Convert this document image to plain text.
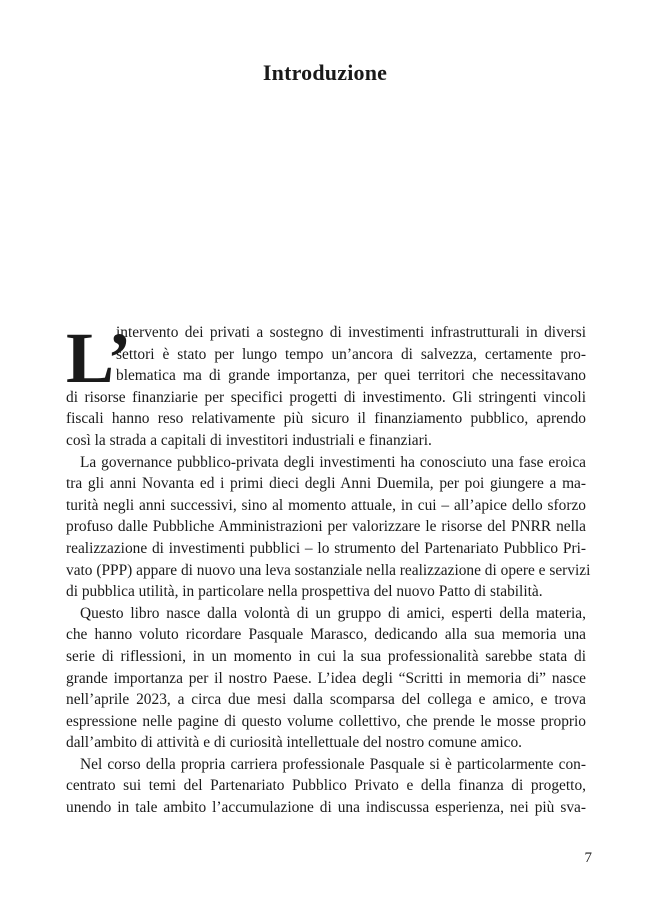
Introduzione
L’
intervento dei privati a sostegno di investimenti infrastrutturali in diversi
settori è stato per lungo tempo un’ancora di salvezza, certamente pro-
blematica ma di grande importanza, per quei territori che necessitavano
di risorse finanziarie per specifici progetti di investimento. Gli stringenti vincoli
fiscali hanno reso relativamente più sicuro il finanziamento pubblico, aprendo
così la strada a capitali di investitori industriali e finanziari.
La governance pubblico-privata degli investimenti ha conosciuto una fase eroica
tra gli anni Novanta ed i primi dieci degli Anni Duemila, per poi giungere a ma-
turità negli anni successivi, sino al momento attuale, in cui – all’apice dello sforzo
profuso dalle Pubbliche Amministrazioni per valorizzare le risorse del PNRR nella
realizzazione di investimenti pubblici – lo strumento del Partenariato Pubblico Pri-
vato (PPP) appare di nuovo una leva sostanziale nella realizzazione di opere e servizi
di pubblica utilità, in particolare nella prospettiva del nuovo Patto di stabilità.
Questo libro nasce dalla volontà di un gruppo di amici, esperti della materia,
che hanno voluto ricordare Pasquale Marasco, dedicando alla sua memoria una
serie di riflessioni, in un momento in cui la sua professionalità sarebbe stata di
grande importanza per il nostro Paese. L’idea degli “Scritti in memoria di” nasce
nell’aprile 2023, a circa due mesi dalla scomparsa del collega e amico, e trova
espressione nelle pagine di questo volume collettivo, che prende le mosse proprio
dall’ambito di attività e di curiosità intellettuale del nostro comune amico.
Nel corso della propria carriera professionale Pasquale si è particolarmente con-
centrato sui temi del Partenariato Pubblico Privato e della finanza di progetto,
unendo in tale ambito l’accumulazione di una indiscussa esperienza, nei più sva-
7
